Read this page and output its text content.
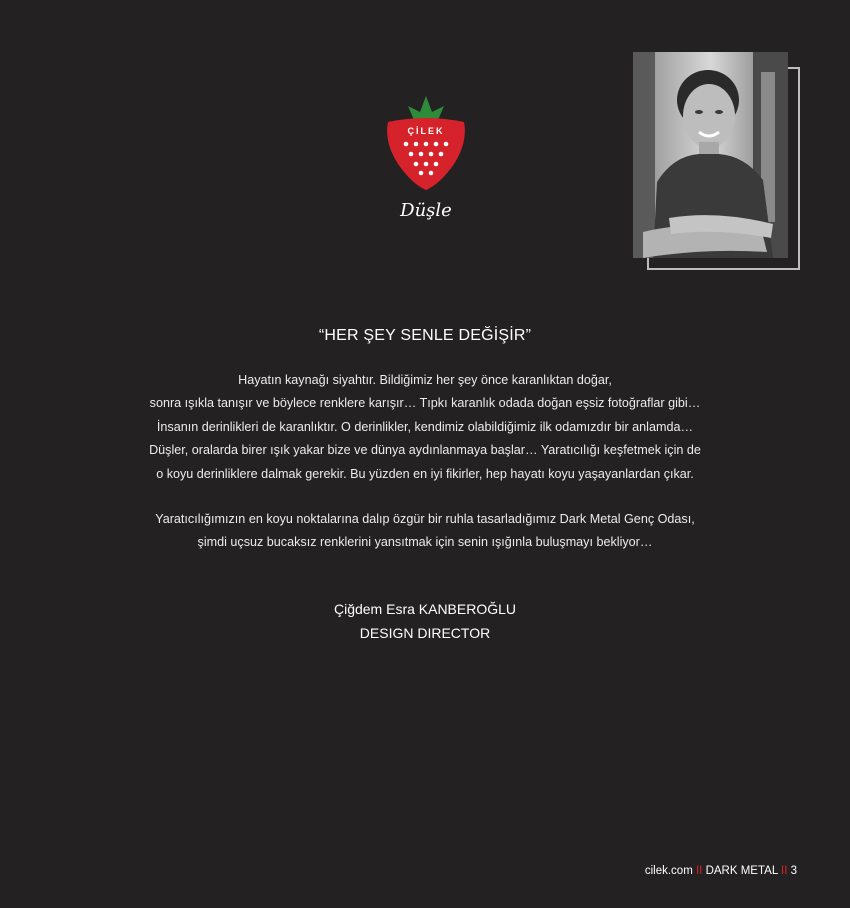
ÇİLEK
Düşle
“HER ŞEY SENLE DEĞİŞİR”
Hayatın kaynağı siyahtır. Bildiğimiz her şey önce karanlıktan doğar,
sonra ışıkla tanışır ve böylece renklere karışır… Tıpkı karanlık odada doğan eşsiz fotoğraflar gibi…
İnsanın derinlikleri de karanlıktır. O derinlikler, kendimiz olabildiğimiz ilk odamızdır bir anlamda…
Düşler, oralarda birer ışık yakar bize ve dünya aydınlanmaya başlar… Yaratıcılığı keşfetmek için de
o koyu derinliklere dalmak gerekir. Bu yüzden en iyi fikirler, hep hayatı koyu yaşayanlardan çıkar.
Yaratıcılığımızın en koyu noktalarına dalıp özgür bir ruhla tasarladığımız Dark Metal Genç Odası,
şimdi uçsuz bucaksız renklerini yansıtmak için senin ışığınla buluşmayı bekliyor…
Çiğdem Esra KANBEROĞLU
DESIGN DIRECTOR
cilek.com II DARK METAL II 3
